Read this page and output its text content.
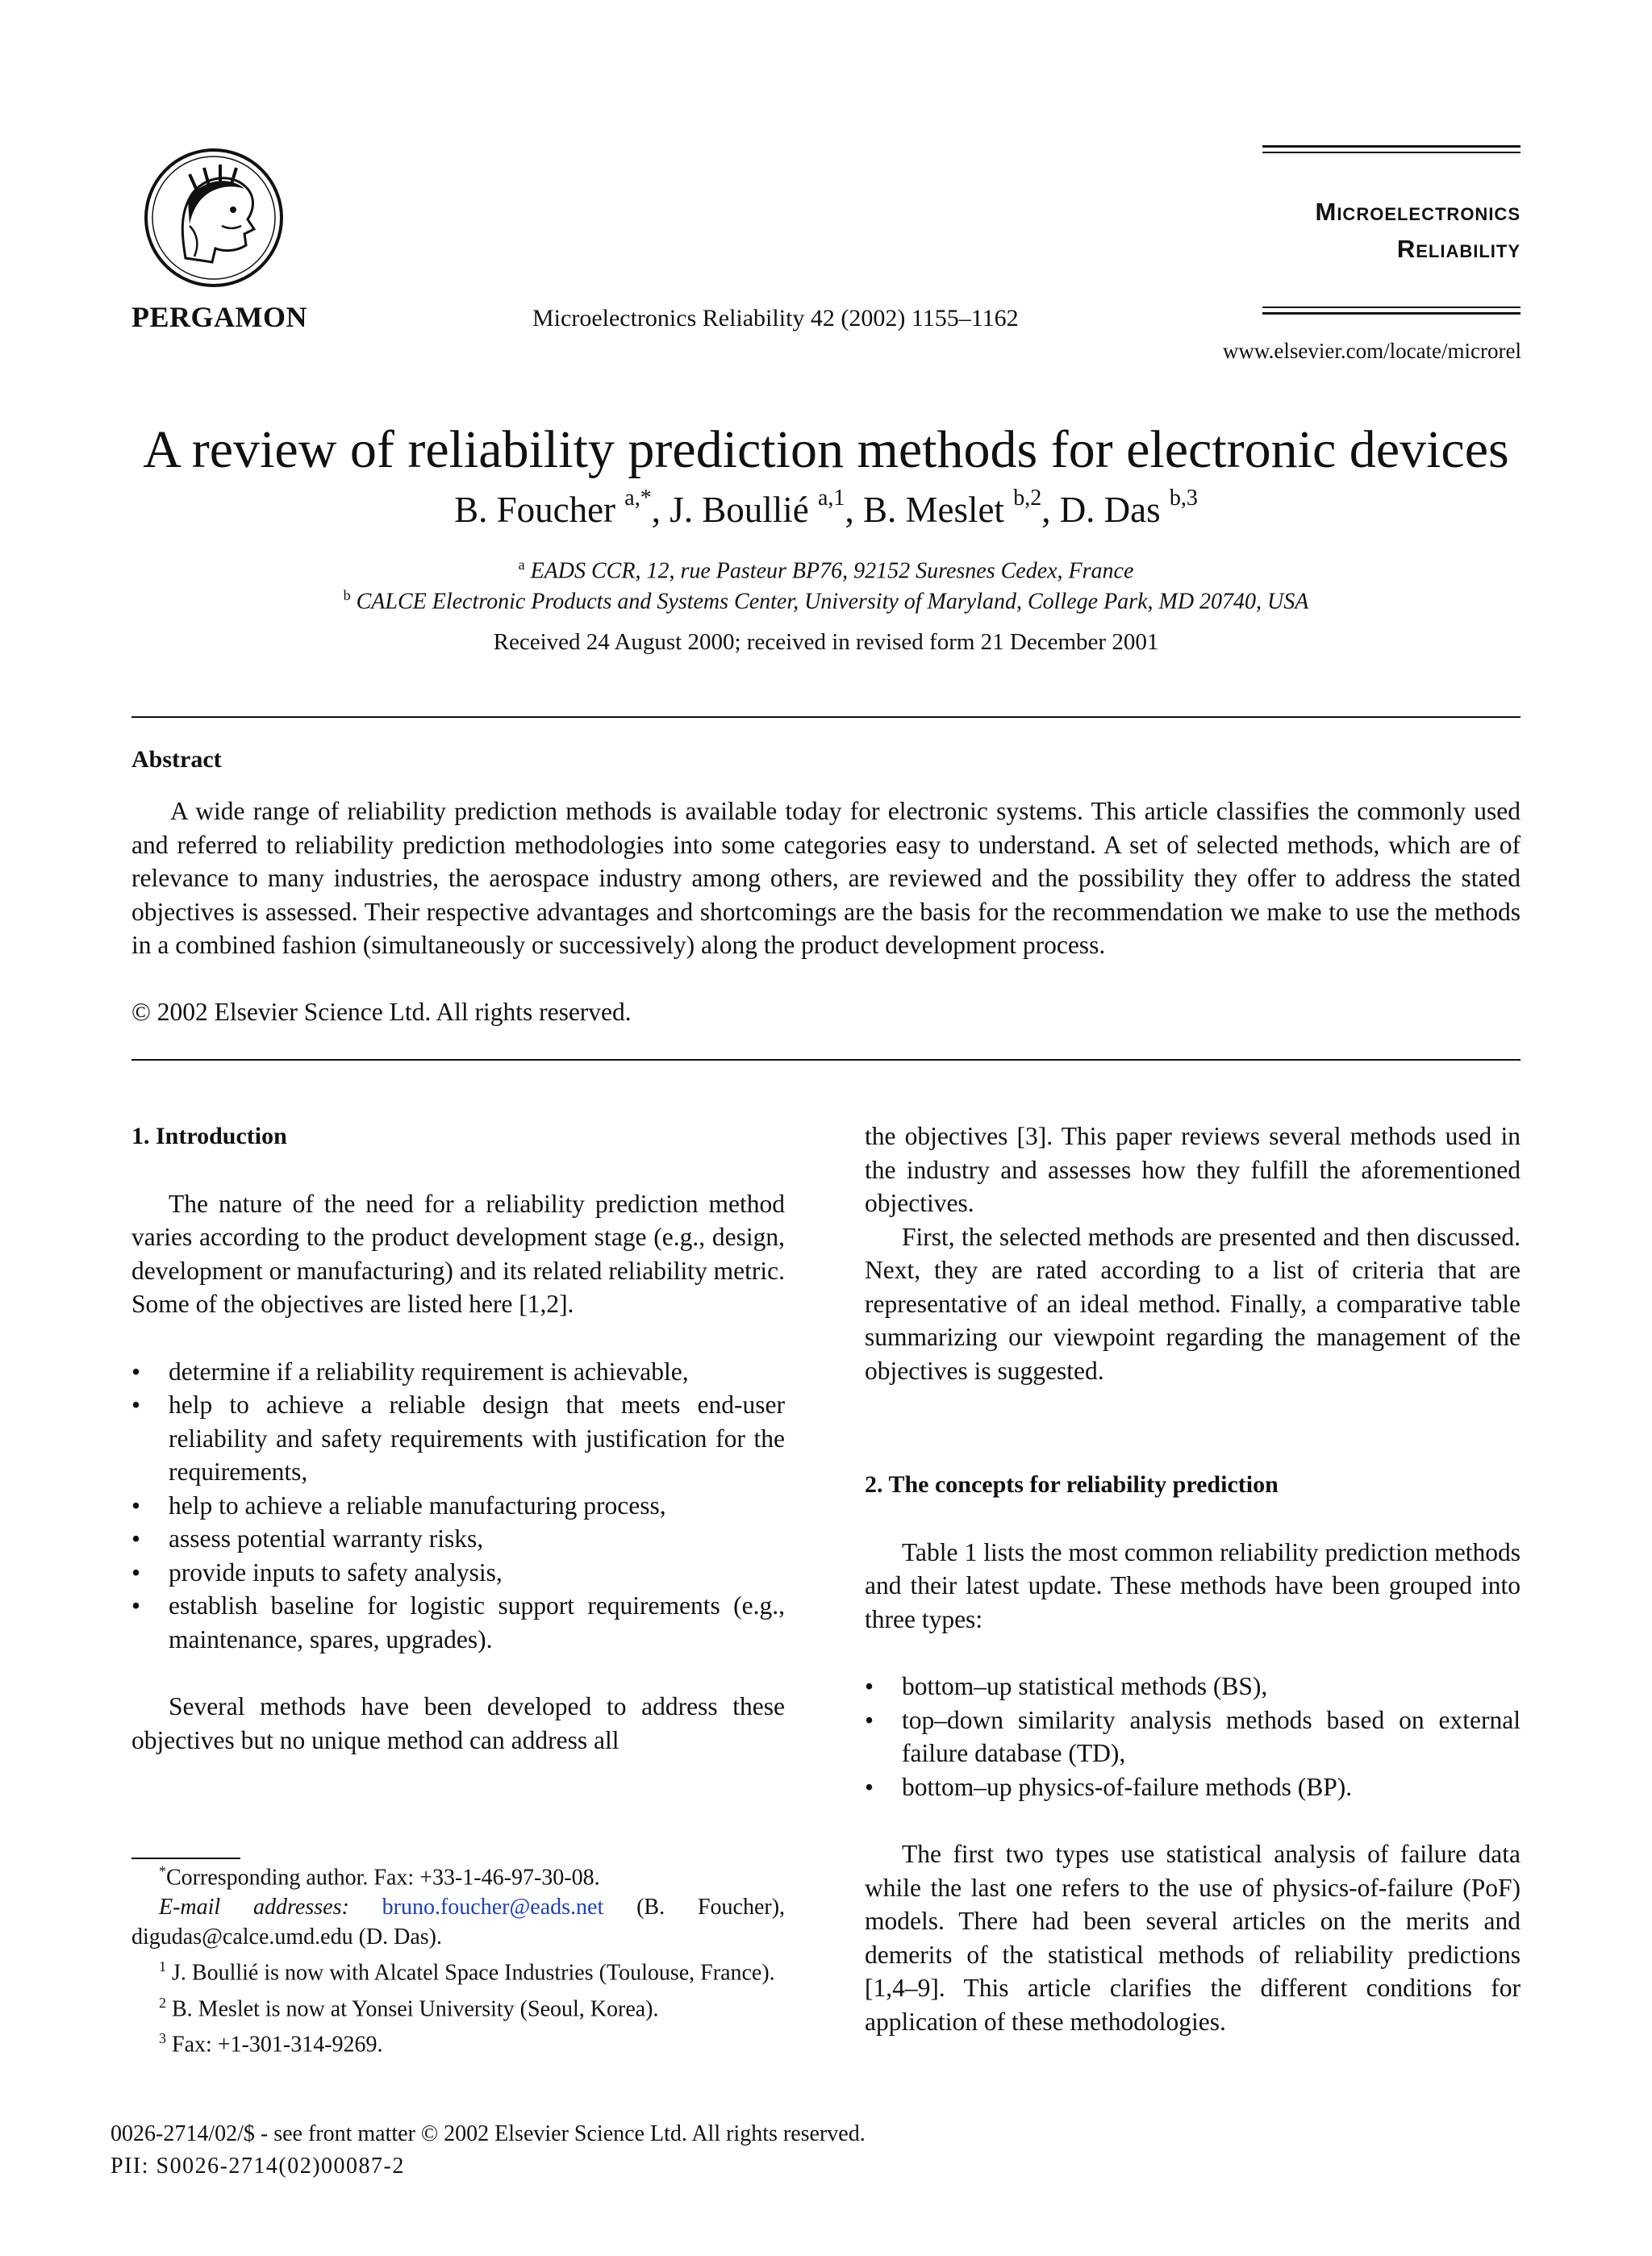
PERGAMON	Microelectronics Reliability 42 (2002) 1155–1162
Microelectronics
Reliability
www.elsevier.com/locate/microrel
A review of reliability prediction methods for electronic devices
B. Foucher $^{a,*}$, J. Boullié $^{a,1}$, B. Meslet $^{b,2}$, D. Das $^{b,3}$
$^a$ EADS CCR, 12, rue Pasteur BP76, 92152 Suresnes Cedex, France
$^b$ CALCE Electronic Products and Systems Center, University of Maryland, College Park, MD 20740, USA
Received 24 August 2000; received in revised form 21 December 2001
Abstract

A wide range of reliability prediction methods is available today for electronic systems. This article classifies the commonly used and referred to reliability prediction methodologies into some categories easy to understand. A set of selected methods, which are of relevance to many industries, the aerospace industry among others, are reviewed and the possibility they offer to address the stated objectives is assessed. Their respective advantages and shortcomings are the basis for the recommendation we make to use the methods in a combined fashion (simultaneously or successively) along the product development process.

© 2002 Elsevier Science Ltd. All rights reserved.
1. Introduction

The nature of the need for a reliability prediction method varies according to the product development stage (e.g., design, development or manufacturing) and its related reliability metric. Some of the objectives are listed here [1,2].

• determine if a reliability requirement is achievable,
• help to achieve a reliable design that meets end-user reliability and safety requirements with justification for the requirements,
• help to achieve a reliable manufacturing process,
• assess potential warranty risks,
• provide inputs to safety analysis,
• establish baseline for logistic support requirements (e.g., maintenance, spares, upgrades).

Several methods have been developed to address these objectives but no unique method can address all

*Corresponding author. Fax: +33-1-46-97-30-08.
E-mail addresses: bruno.foucher@eads.net (B. Foucher), digudas@calce.umd.edu (D. Das).
$^1$ J. Boullié is now with Alcatel Space Industries (Toulouse, France).
$^2$ B. Meslet is now at Yonsei University (Seoul, Korea).
$^3$ Fax: +1-301-314-9269.

the objectives [3]. This paper reviews several methods used in the industry and assesses how they fulfill the aforementioned objectives.

First, the selected methods are presented and then discussed. Next, they are rated according to a list of criteria that are representative of an ideal method. Finally, a comparative table summarizing our viewpoint regarding the management of the objectives is suggested.

2. The concepts for reliability prediction

Table 1 lists the most common reliability prediction methods and their latest update. These methods have been grouped into three types:

• bottom–up statistical methods (BS),
• top–down similarity analysis methods based on external failure database (TD),
• bottom–up physics-of-failure methods (BP).

The first two types use statistical analysis of failure data while the last one refers to the use of physics-of-failure (PoF) models. There had been several articles on the merits and demerits of the statistical methods of reliability predictions [1,4–9]. This article clarifies the different conditions for application of these methodologies.

0026-2714/02/$ - see front matter © 2002 Elsevier Science Ltd. All rights reserved.
PII: S0026-2714(02)00087-2
